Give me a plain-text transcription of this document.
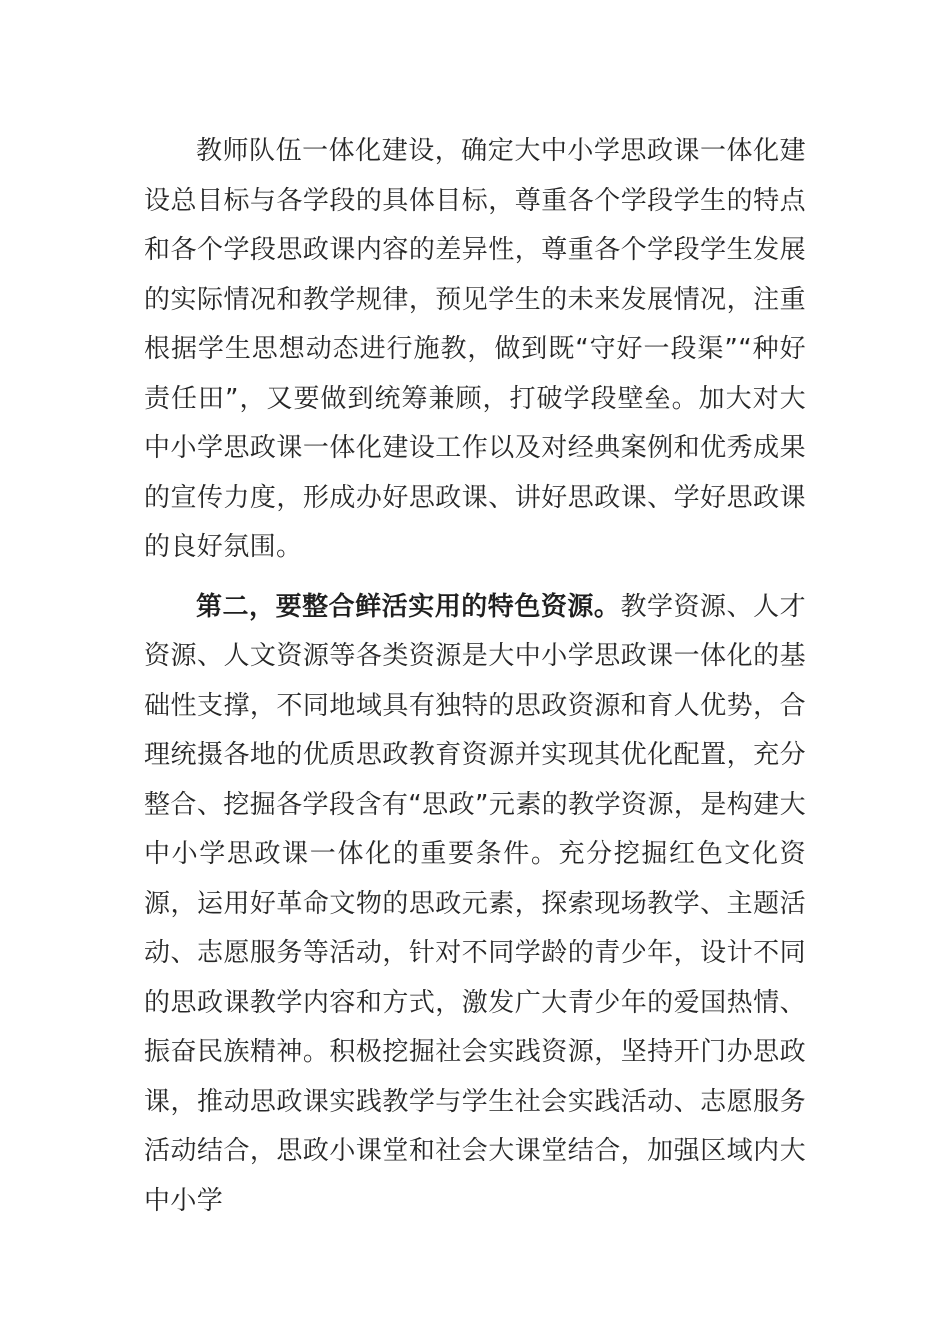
教师队伍一体化建设，确定大中小学思政课一体化建设总目标与各学段的具体目标，尊重各个学段学生的特点和各个学段思政课内容的差异性，尊重各个学段学生发展的实际情况和教学规律，预见学生的未来发展情况，注重根据学生思想动态进行施教，做到既“守好一段渠”“种好责任田”，又要做到统筹兼顾，打破学段壁垒。加大对大中小学思政课一体化建设工作以及对经典案例和优秀成果的宣传力度，形成办好思政课、讲好思政课、学好思政课的良好氛围。

第二，要整合鲜活实用的特色资源。教学资源、人才资源、人文资源等各类资源是大中小学思政课一体化的基础性支撑，不同地域具有独特的思政资源和育人优势，合理统摄各地的优质思政教育资源并实现其优化配置，充分整合、挖掘各学段含有“思政”元素的教学资源，是构建大中小学思政课一体化的重要条件。充分挖掘红色文化资源，运用好革命文物的思政元素，探索现场教学、主题活动、志愿服务等活动，针对不同学龄的青少年，设计不同的思政课教学内容和方式，激发广大青少年的爱国热情、振奋民族精神。积极挖掘社会实践资源，坚持开门办思政课，推动思政课实践教学与学生社会实践活动、志愿服务活动结合，思政小课堂和社会大课堂结合，加强区域内大中小学
